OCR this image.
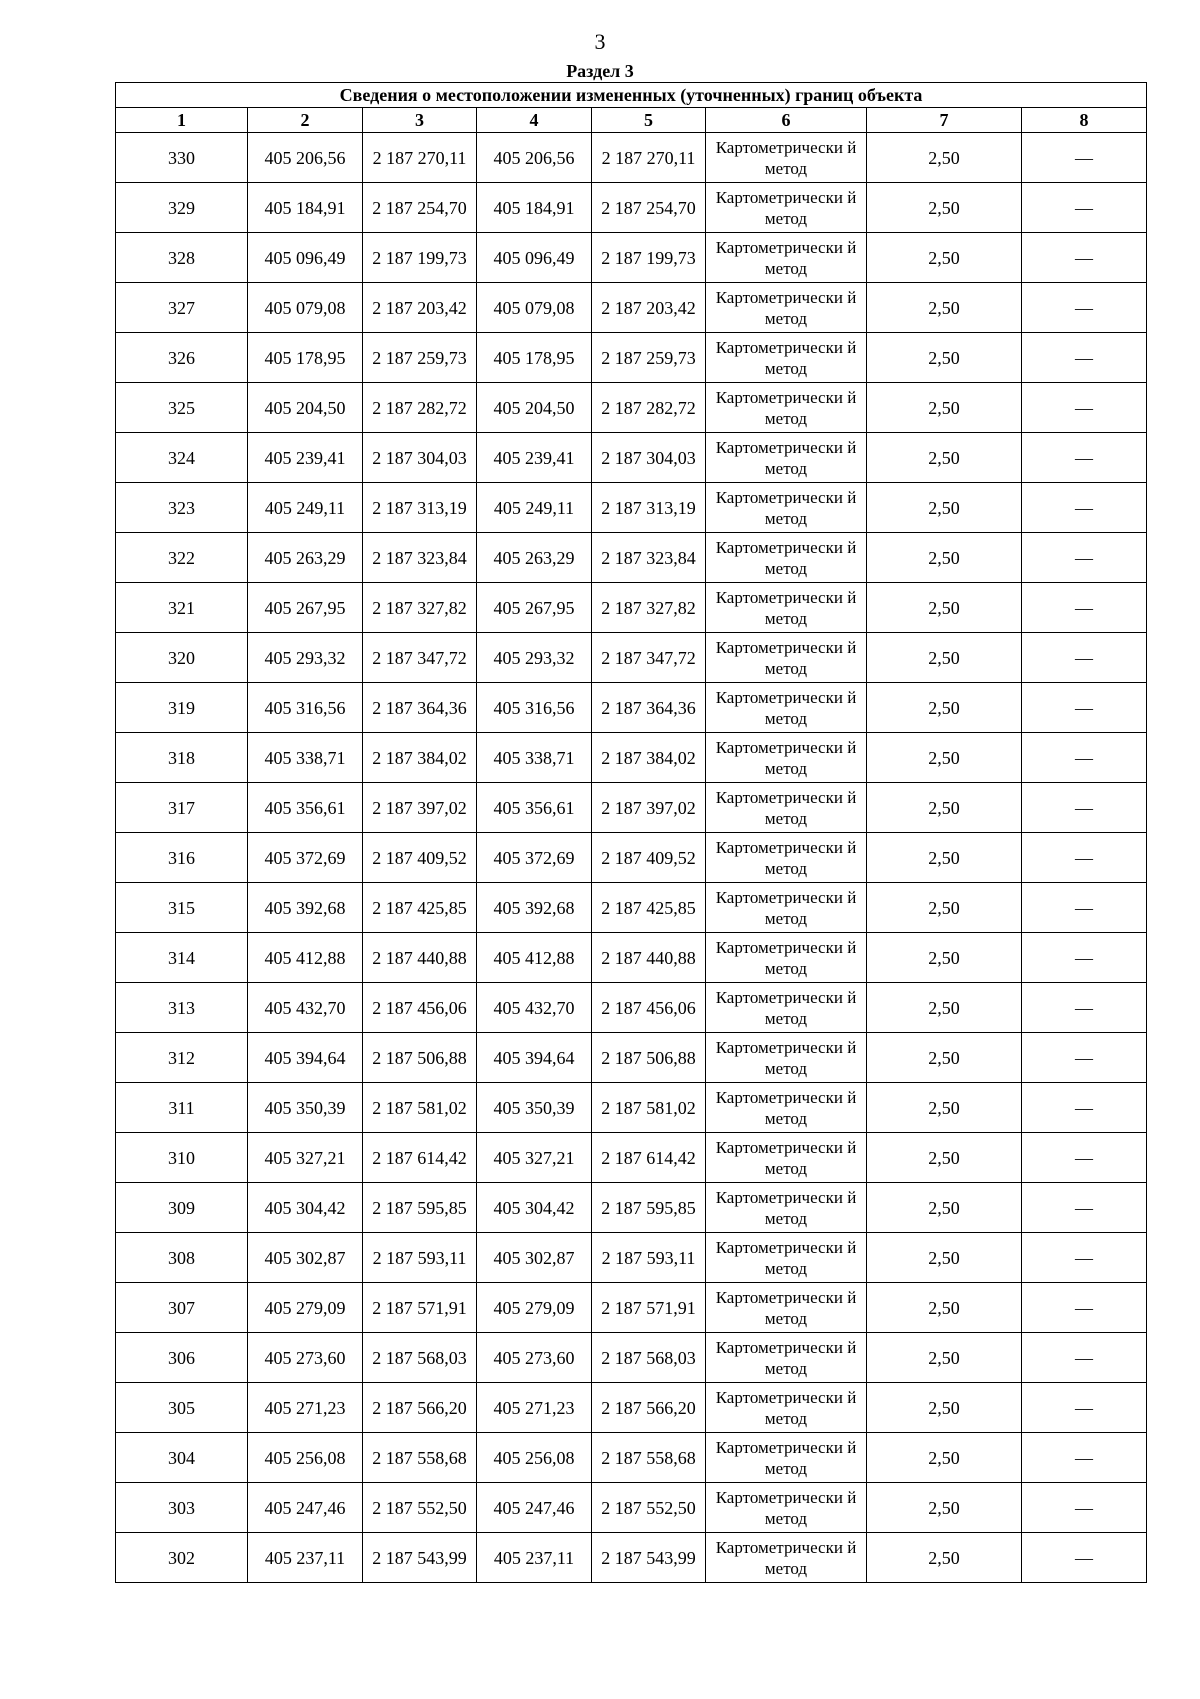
3
Раздел 3
Сведения о местоположении измененных (уточненных) границ объекта							
1	2	3	4	5	6	7	8
330	405 206,56	2 187 270,11	405 206,56	2 187 270,11	Картометрически й метод	2,50	—
329	405 184,91	2 187 254,70	405 184,91	2 187 254,70	Картометрически й метод	2,50	—
328	405 096,49	2 187 199,73	405 096,49	2 187 199,73	Картометрически й метод	2,50	—
327	405 079,08	2 187 203,42	405 079,08	2 187 203,42	Картометрически й метод	2,50	—
326	405 178,95	2 187 259,73	405 178,95	2 187 259,73	Картометрически й метод	2,50	—
325	405 204,50	2 187 282,72	405 204,50	2 187 282,72	Картометрически й метод	2,50	—
324	405 239,41	2 187 304,03	405 239,41	2 187 304,03	Картометрически й метод	2,50	—
323	405 249,11	2 187 313,19	405 249,11	2 187 313,19	Картометрически й метод	2,50	—
322	405 263,29	2 187 323,84	405 263,29	2 187 323,84	Картометрически й метод	2,50	—
321	405 267,95	2 187 327,82	405 267,95	2 187 327,82	Картометрически й метод	2,50	—
320	405 293,32	2 187 347,72	405 293,32	2 187 347,72	Картометрически й метод	2,50	—
319	405 316,56	2 187 364,36	405 316,56	2 187 364,36	Картометрически й метод	2,50	—
318	405 338,71	2 187 384,02	405 338,71	2 187 384,02	Картометрически й метод	2,50	—
317	405 356,61	2 187 397,02	405 356,61	2 187 397,02	Картометрически й метод	2,50	—
316	405 372,69	2 187 409,52	405 372,69	2 187 409,52	Картометрически й метод	2,50	—
315	405 392,68	2 187 425,85	405 392,68	2 187 425,85	Картометрически й метод	2,50	—
314	405 412,88	2 187 440,88	405 412,88	2 187 440,88	Картометрически й метод	2,50	—
313	405 432,70	2 187 456,06	405 432,70	2 187 456,06	Картометрически й метод	2,50	—
312	405 394,64	2 187 506,88	405 394,64	2 187 506,88	Картометрически й метод	2,50	—
311	405 350,39	2 187 581,02	405 350,39	2 187 581,02	Картометрически й метод	2,50	—
310	405 327,21	2 187 614,42	405 327,21	2 187 614,42	Картометрически й метод	2,50	—
309	405 304,42	2 187 595,85	405 304,42	2 187 595,85	Картометрически й метод	2,50	—
308	405 302,87	2 187 593,11	405 302,87	2 187 593,11	Картометрически й метод	2,50	—
307	405 279,09	2 187 571,91	405 279,09	2 187 571,91	Картометрически й метод	2,50	—
306	405 273,60	2 187 568,03	405 273,60	2 187 568,03	Картометрически й метод	2,50	—
305	405 271,23	2 187 566,20	405 271,23	2 187 566,20	Картометрически й метод	2,50	—
304	405 256,08	2 187 558,68	405 256,08	2 187 558,68	Картометрически й метод	2,50	—
303	405 247,46	2 187 552,50	405 247,46	2 187 552,50	Картометрически й метод	2,50	—
302	405 237,11	2 187 543,99	405 237,11	2 187 543,99	Картометрически й метод	2,50	—
